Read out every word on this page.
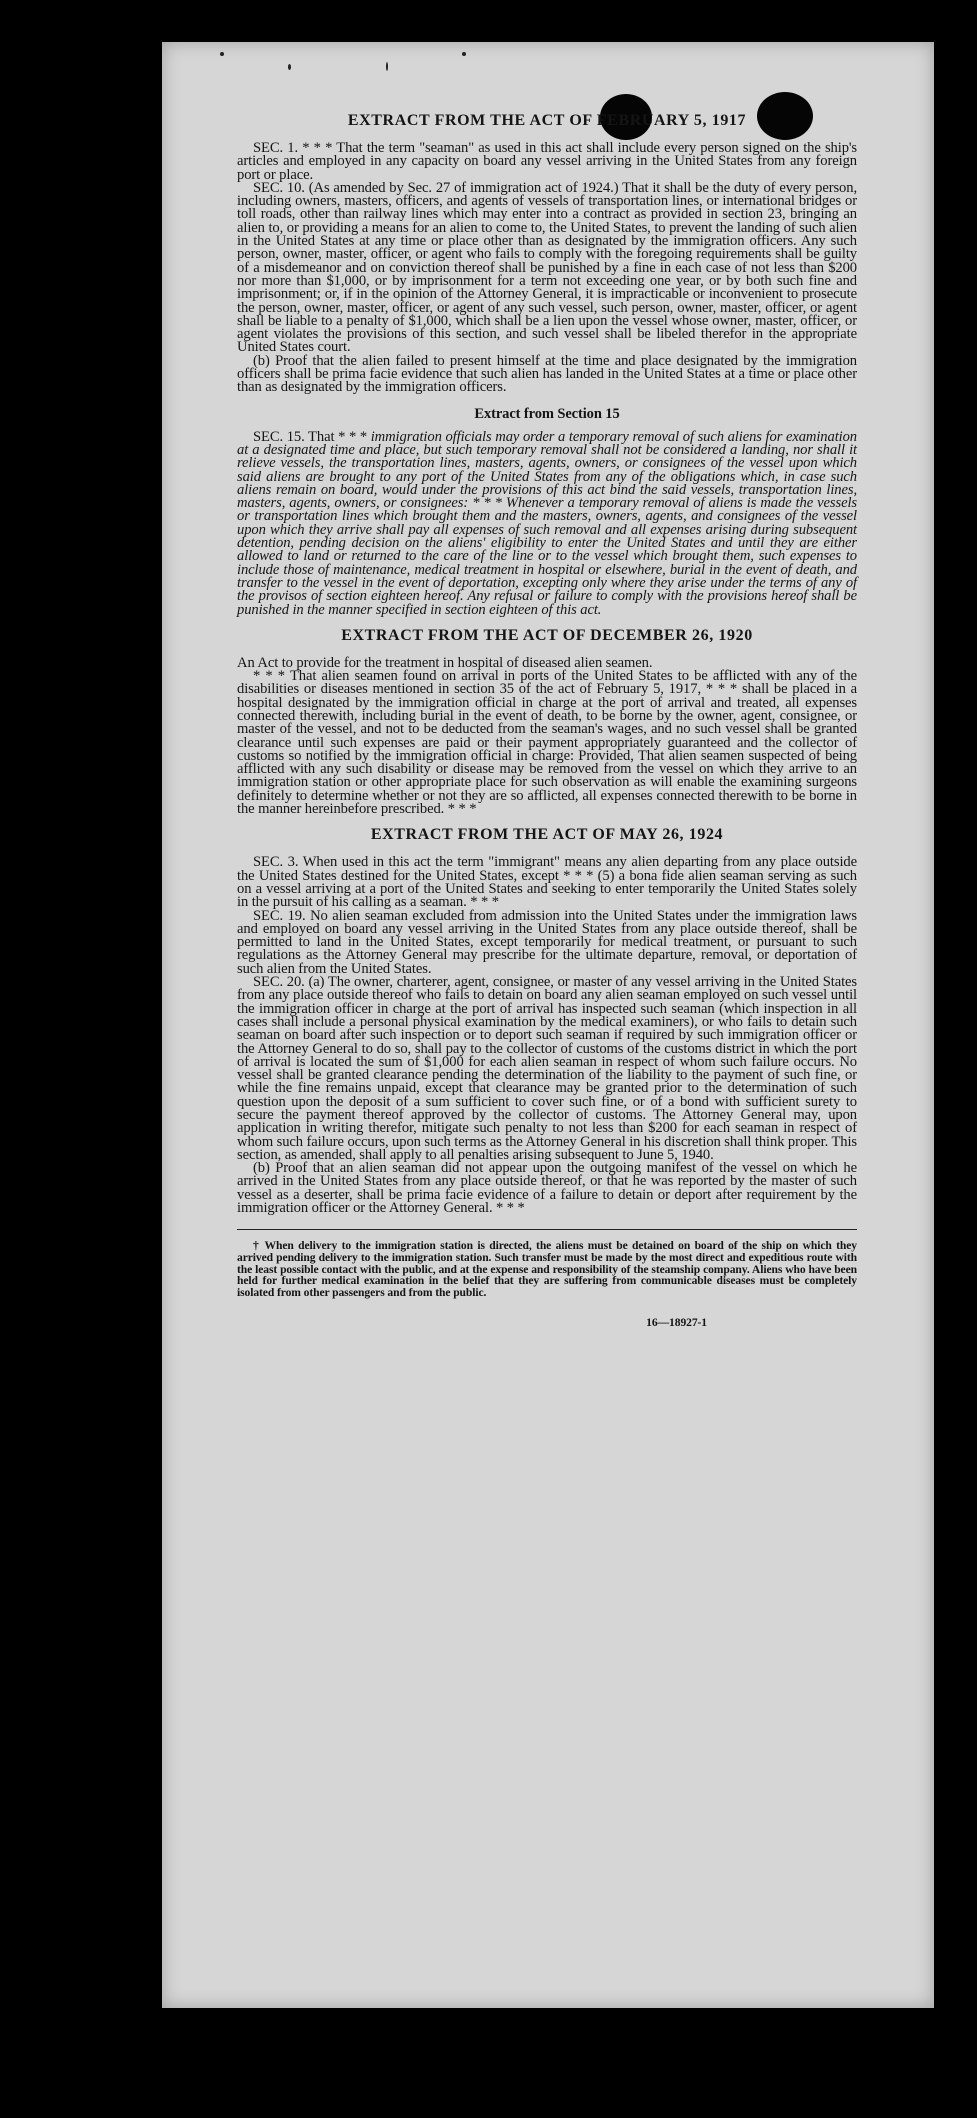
EXTRACT FROM THE ACT OF FEBRUARY 5, 1917

SEC. 1. * * * That the term "seaman" as used in this act shall include every person signed on the ship's articles and employed in any capacity on board any vessel arriving in the United States from any foreign port or place.

SEC. 10. (As amended by Sec. 27 of immigration act of 1924.) That it shall be the duty of every person, including owners, masters, officers, and agents of vessels of transportation lines, or international bridges or toll roads, other than railway lines which may enter into a contract as provided in section 23, bringing an alien to, or providing a means for an alien to come to, the United States, to prevent the landing of such alien in the United States at any time or place other than as designated by the immigration officers. Any such person, owner, master, officer, or agent who fails to comply with the foregoing requirements shall be guilty of a misdemeanor and on conviction thereof shall be punished by a fine in each case of not less than $200 nor more than $1,000, or by imprisonment for a term not exceeding one year, or by both such fine and imprisonment; or, if in the opinion of the Attorney General, it is impracticable or inconvenient to prosecute the person, owner, master, officer, or agent of any such vessel, such person, owner, master, officer, or agent shall be liable to a penalty of $1,000, which shall be a lien upon the vessel whose owner, master, officer, or agent violates the provisions of this section, and such vessel shall be libeled therefor in the appropriate United States court.

(b) Proof that the alien failed to present himself at the time and place designated by the immigration officers shall be prima facie evidence that such alien has landed in the United States at a time or place other than as designated by the immigration officers.

Extract from Section 15

SEC. 15. That * * * immigration officials may order a temporary removal of such aliens for examination at a designated time and place, but such temporary removal shall not be considered a landing, nor shall it relieve vessels, the transportation lines, masters, agents, owners, or consignees of the vessel upon which said aliens are brought to any port of the United States from any of the obligations which, in case such aliens remain on board, would under the provisions of this act bind the said vessels, transportation lines, masters, agents, owners, or consignees: * * * Whenever a temporary removal of aliens is made the vessels or transportation lines which brought them and the masters, owners, agents, and consignees of the vessel upon which they arrive shall pay all expenses of such removal and all expenses arising during subsequent detention, pending decision on the aliens' eligibility to enter the United States and until they are either allowed to land or returned to the care of the line or to the vessel which brought them, such expenses to include those of maintenance, medical treatment in hospital or elsewhere, burial in the event of death, and transfer to the vessel in the event of deportation, excepting only where they arise under the terms of any of the provisos of section eighteen hereof. Any refusal or failure to comply with the provisions hereof shall be punished in the manner specified in section eighteen of this act.

EXTRACT FROM THE ACT OF DECEMBER 26, 1920

An Act to provide for the treatment in hospital of diseased alien seamen.

* * * That alien seamen found on arrival in ports of the United States to be afflicted with any of the disabilities or diseases mentioned in section 35 of the act of February 5, 1917, * * * shall be placed in a hospital designated by the immigration official in charge at the port of arrival and treated, all expenses connected therewith, including burial in the event of death, to be borne by the owner, agent, consignee, or master of the vessel, and not to be deducted from the seaman's wages, and no such vessel shall be granted clearance until such expenses are paid or their payment appropriately guaranteed and the collector of customs so notified by the immigration official in charge: Provided, That alien seamen suspected of being afflicted with any such disability or disease may be removed from the vessel on which they arrive to an immigration station or other appropriate place for such observation as will enable the examining surgeons definitely to determine whether or not they are so afflicted, all expenses connected therewith to be borne in the manner hereinbefore prescribed. * * *

EXTRACT FROM THE ACT OF MAY 26, 1924

SEC. 3. When used in this act the term "immigrant" means any alien departing from any place outside the United States destined for the United States, except * * * (5) a bona fide alien seaman serving as such on a vessel arriving at a port of the United States and seeking to enter temporarily the United States solely in the pursuit of his calling as a seaman. * * *

SEC. 19. No alien seaman excluded from admission into the United States under the immigration laws and employed on board any vessel arriving in the United States from any place outside thereof, shall be permitted to land in the United States, except temporarily for medical treatment, or pursuant to such regulations as the Attorney General may prescribe for the ultimate departure, removal, or deportation of such alien from the United States.

SEC. 20. (a) The owner, charterer, agent, consignee, or master of any vessel arriving in the United States from any place outside thereof who fails to detain on board any alien seaman employed on such vessel until the immigration officer in charge at the port of arrival has inspected such seaman (which inspection in all cases shall include a personal physical examination by the medical examiners), or who fails to detain such seaman on board after such inspection or to deport such seaman if required by such immigration officer or the Attorney General to do so, shall pay to the collector of customs of the customs district in which the port of arrival is located the sum of $1,000 for each alien seaman in respect of whom such failure occurs. No vessel shall be granted clearance pending the determination of the liability to the payment of such fine, or while the fine remains unpaid, except that clearance may be granted prior to the determination of such question upon the deposit of a sum sufficient to cover such fine, or of a bond with sufficient surety to secure the payment thereof approved by the collector of customs. The Attorney General may, upon application in writing therefor, mitigate such penalty to not less than $200 for each seaman in respect of whom such failure occurs, upon such terms as the Attorney General in his discretion shall think proper. This section, as amended, shall apply to all penalties arising subsequent to June 5, 1940.

(b) Proof that an alien seaman did not appear upon the outgoing manifest of the vessel on which he arrived in the United States from any place outside thereof, or that he was reported by the master of such vessel as a deserter, shall be prima facie evidence of a failure to detain or deport after requirement by the immigration officer or the Attorney General. * * *

† When delivery to the immigration station is directed, the aliens must be detained on board of the ship on which they arrived pending delivery to the immigration station. Such transfer must be made by the most direct and expeditious route with the least possible contact with the public, and at the expense and responsibility of the steamship company. Aliens who have been held for further medical examination in the belief that they are suffering from communicable diseases must be completely isolated from other passengers and from the public.

16—18927-1
